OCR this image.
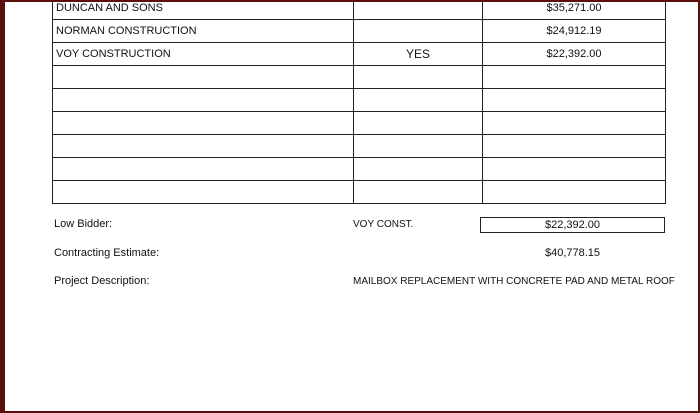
DUNCAN AND SONS		$35,271.00
NORMAN CONSTRUCTION		$24,912.19
VOY CONSTRUCTION	YES	$22,392.00

Low Bidder:	VOY CONST.	$22,392.00
Contracting Estimate:	$40,778.15
Project Description:	MAILBOX REPLACEMENT WITH CONCRETE PAD AND METAL ROOF
